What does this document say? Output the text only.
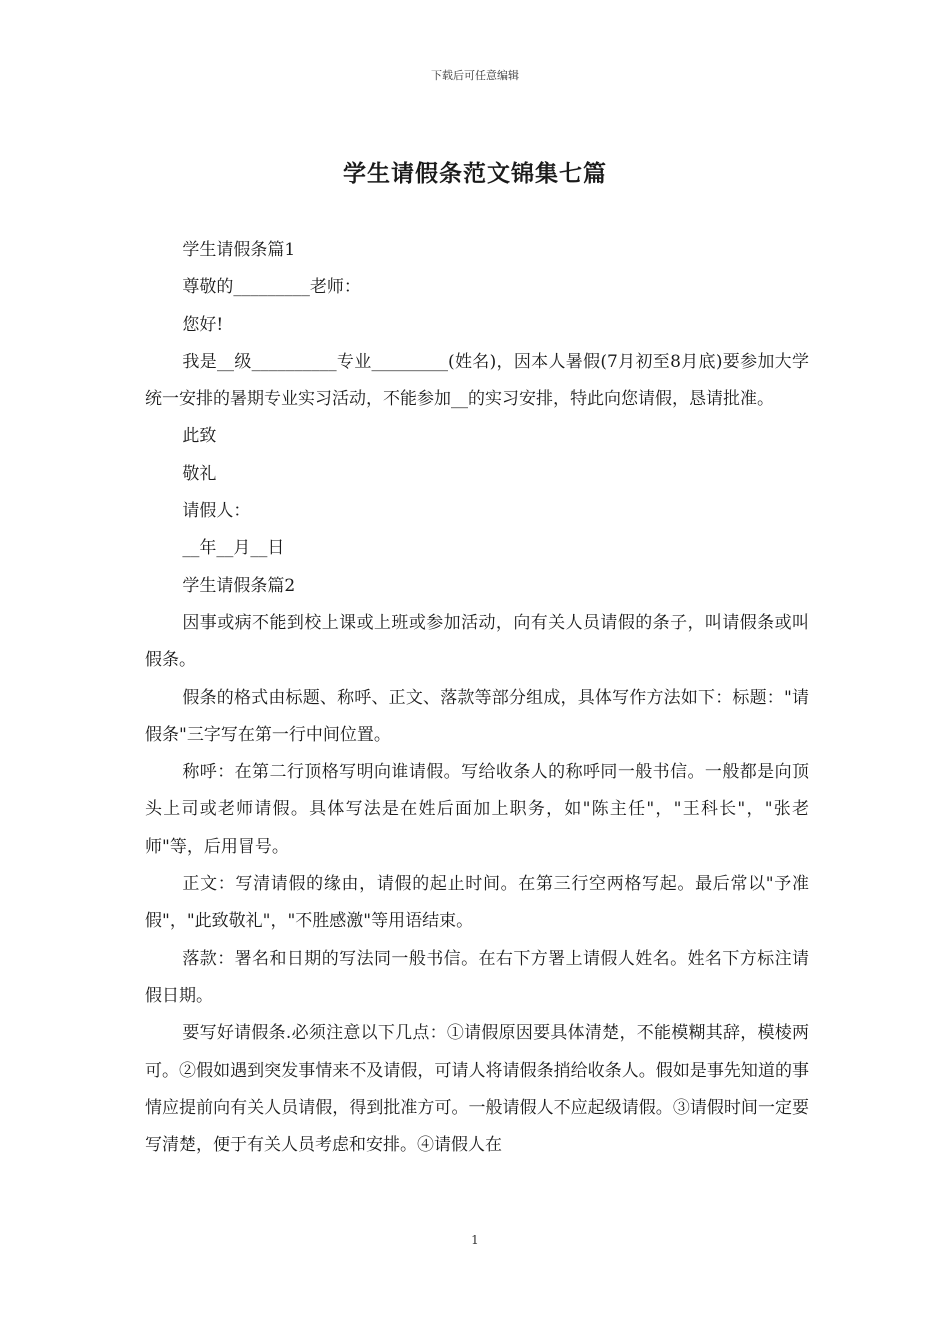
下载后可任意编辑
学生请假条范文锦集七篇

学生请假条篇1

尊敬的_________老师：

您好!

我是__级__________专业_________(姓名)，因本人暑假(7月初至8月底)要参加大学统一安排的暑期专业实习活动，不能参加__的实习安排，特此向您请假，恳请批准。

此致

敬礼

请假人：

__年__月__日

学生请假条篇2

因事或病不能到校上课或上班或参加活动，向有关人员请假的条子，叫请假条或叫假条。

假条的格式由标题、称呼、正文、落款等部分组成，具体写作方法如下：标题："请假条"三字写在第一行中间位置。

称呼：在第二行顶格写明向谁请假。写给收条人的称呼同一般书信。一般都是向顶头上司或老师请假。具体写法是在姓后面加上职务，如"陈主任"，"王科长"，"张老师"等，后用冒号。

正文：写清请假的缘由，请假的起止时间。在第三行空两格写起。最后常以"予准假"，"此致敬礼"，"不胜感激"等用语结束。

落款：署名和日期的写法同一般书信。在右下方署上请假人姓名。姓名下方标注请假日期。

要写好请假条.必须注意以下几点：①请假原因要具体清楚，不能模糊其辞，模棱两可。②假如遇到突发事情来不及请假，可请人将请假条捎给收条人。假如是事先知道的事情应提前向有关人员请假，得到批准方可。一般请假人不应起级请假。③请假时间一定要写清楚，便于有关人员考虑和安排。④请假人在

1
